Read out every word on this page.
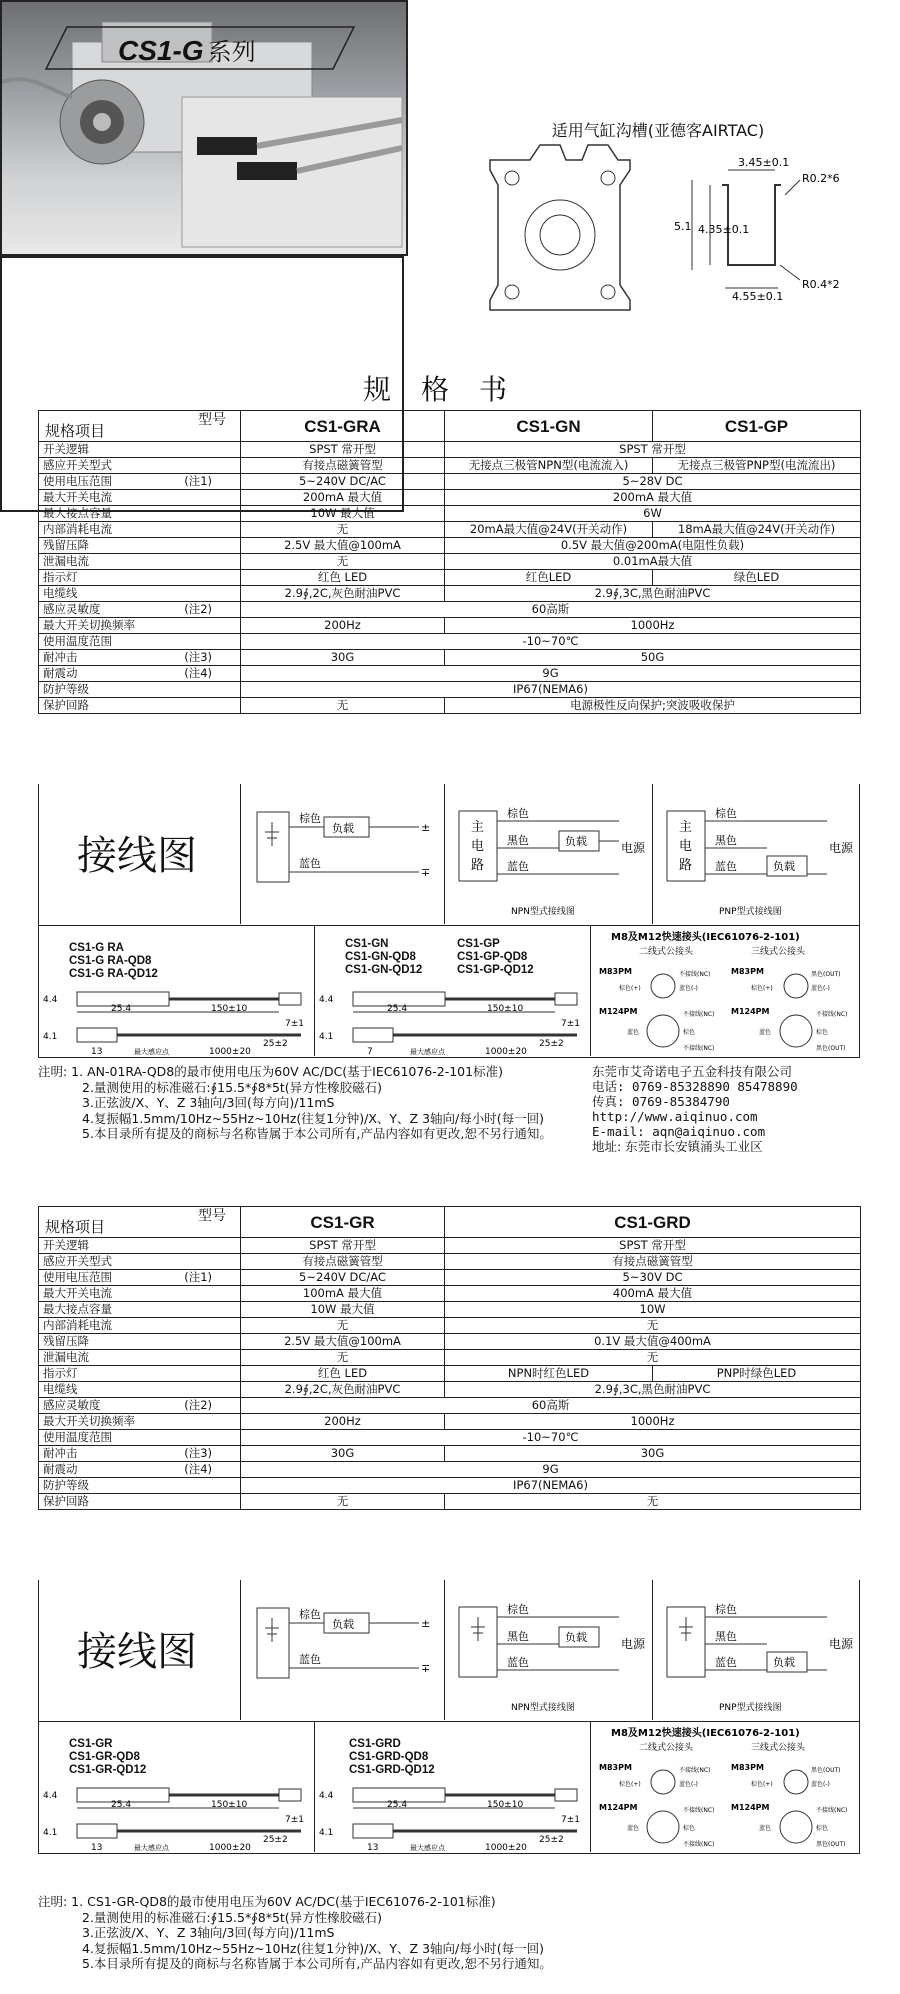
CS1-G 系列
适用气缸沟槽(亚德客AIRTAC)
3.45±0.1
5.1 4.35±0.1
R0.2*6
R0.4*2
4.55±0.1
规格书
型号
规格项目	CS1-GRA	CS1-GN	CS1-GP
开关逻辑	SPST 常开型	SPST 常开型	
感应开关型式	有接点磁簧管型	无接点三极管NPN型(电流流入)	无接点三极管PNP型(电流流出)
使用电压范围 (注1)	5~240V DC/AC	5~28V DC	
最大开关电流	200mA 最大值	200mA 最大值	
最大接点容量	10W 最大值	6W	
内部消耗电流	无	20mA最大值@24V(开关动作)	18mA最大值@24V(开关动作)
残留压降	2.5V 最大值@100mA	0.5V 最大值@200mA(电阻性负载)	
泄漏电流	无	0.01mA最大值	
指示灯	红色 LED	红色LED	绿色LED
电缆线	2.9∮,2C,灰色耐油PVC	2.9∮,3C,黑色耐油PVC	
感应灵敏度 (注2)	60高斯		
最大开关切换频率	200Hz	1000Hz	
使用温度范围	-10~70℃		
耐冲击 (注3)	30G	50G	
耐震动 (注4)	9G		
防护等级	IP67(NEMA6)		
保护回路	无	电源极性反向保护;突波吸收保护	
接线图
棕色
负载
蓝色
±
∓
主
电
路
棕色
黑色
蓝色
负载	电源
NPN型式接线图
主
电
路
棕色
黑色
蓝色	负载
电源
PNP型式接线图
CS1-G RA
CS1-G RA-QD8
CS1-G RA-QD12
CS1-GN
CS1-GN-QD8
CS1-GN-QD12
CS1-GP
CS1-GP-QD8
CS1-GP-QD12
4.4
25.4	150±10
4.1
13	1000±20
25±2
7±1
最大感应点
4.4
25.4	150±10
4.1
7	1000±20
25±2
7±1
最大感应点
M8及M12快速接头(IEC61076-2-101)
二线式公接头	三线式公接头
M83PM	M83PM
不接线(NC)
棕色(+)	蓝色(-)
黑色(OUT)
棕色(+)	蓝色(-)
M124PM	M124PM
不接线(NC)
蓝色	棕色
不接线(NC)
不接线(NC)
蓝色	棕色
黑色(OUT)
注明: 1. AN-01RA-QD8的最市使用电压为60V AC/DC(基于IEC61076-2-101标准)
2.量测使用的标准磁石:∮15.5*∮8*5t(异方性橡胶磁石)
3.正弦波/X、Y、Z 3轴向/3回(每方向)/11mS
4.复振幅1.5mm/10Hz~55Hz~10Hz(往复1分钟)/X、Y、Z 3轴向/每小时(每一回)
5.本目录所有提及的商标与名称皆属于本公司所有,产品内容如有更改,恕不另行通知。
东莞市艾奇诺电子五金科技有限公司
电话: 0769-85328890 85478890
传真: 0769-85384790
http://www.aiqinuo.com
E-mail: aqn@aiqinuo.com
地址: 东莞市长安镇涌头工业区
型号
规格项目	CS1-GR	CS1-GRD	
开关逻辑	SPST 常开型	SPST 常开型	
感应开关型式	有接点磁簧管型	有接点磁簧管型	
使用电压范围 (注1)	5~240V DC/AC	5~30V DC	
最大开关电流	100mA 最大值	400mA 最大值	
最大接点容量	10W 最大值	10W	
内部消耗电流	无	无	
残留压降	2.5V 最大值@100mA	0.1V 最大值@400mA	
泄漏电流	无	无	
指示灯	红色 LED	NPN时红色LED	PNP时绿色LED
电缆线	2.9∮,2C,灰色耐油PVC	2.9∮,3C,黑色耐油PVC	
感应灵敏度 (注2)	60高斯		
最大开关切换频率	200Hz	1000Hz	
使用温度范围	-10~70℃		
耐冲击 (注3)	30G	30G	
耐震动 (注4)	9G		
防护等级	IP67(NEMA6)		
保护回路	无	无	
接线图
棕色
负载
蓝色
±
∓
棕色
黑色
蓝色
负载	电源
NPN型式接线图
棕色
黑色
蓝色	负载
电源
PNP型式接线图
CS1-GR
CS1-GR-QD8
CS1-GR-QD12
CS1-GRD
CS1-GRD-QD8
CS1-GRD-QD12
4.4
25.4	150±10
4.1
13	1000±20
25±2
7±1
最大感应点
4.4
25.4	150±10
4.1
13	1000±20
25±2
7±1
最大感应点
M8及M12快速接头(IEC61076-2-101)
二线式公接头	三线式公接头
M83PM	M83PM
不接线(NC)
棕色(+)	蓝色(-)
黑色(OUT)
棕色(+)	蓝色(-)
M124PM	M124PM
不接线(NC)
蓝色	棕色
不接线(NC)
不接线(NC)
蓝色	棕色
黑色(OUT)
注明: 1. CS1-GR-QD8的最市使用电压为60V AC/DC(基于IEC61076-2-101标准)
2.量测使用的标准磁石:∮15.5*∮8*5t(异方性橡胶磁石)
3.正弦波/X、Y、Z 3轴向/3回(每方向)/11mS
4.复振幅1.5mm/10Hz~55Hz~10Hz(往复1分钟)/X、Y、Z 3轴向/每小时(每一回)
5.本目录所有提及的商标与名称皆属于本公司所有,产品内容如有更改,恕不另行通知。
